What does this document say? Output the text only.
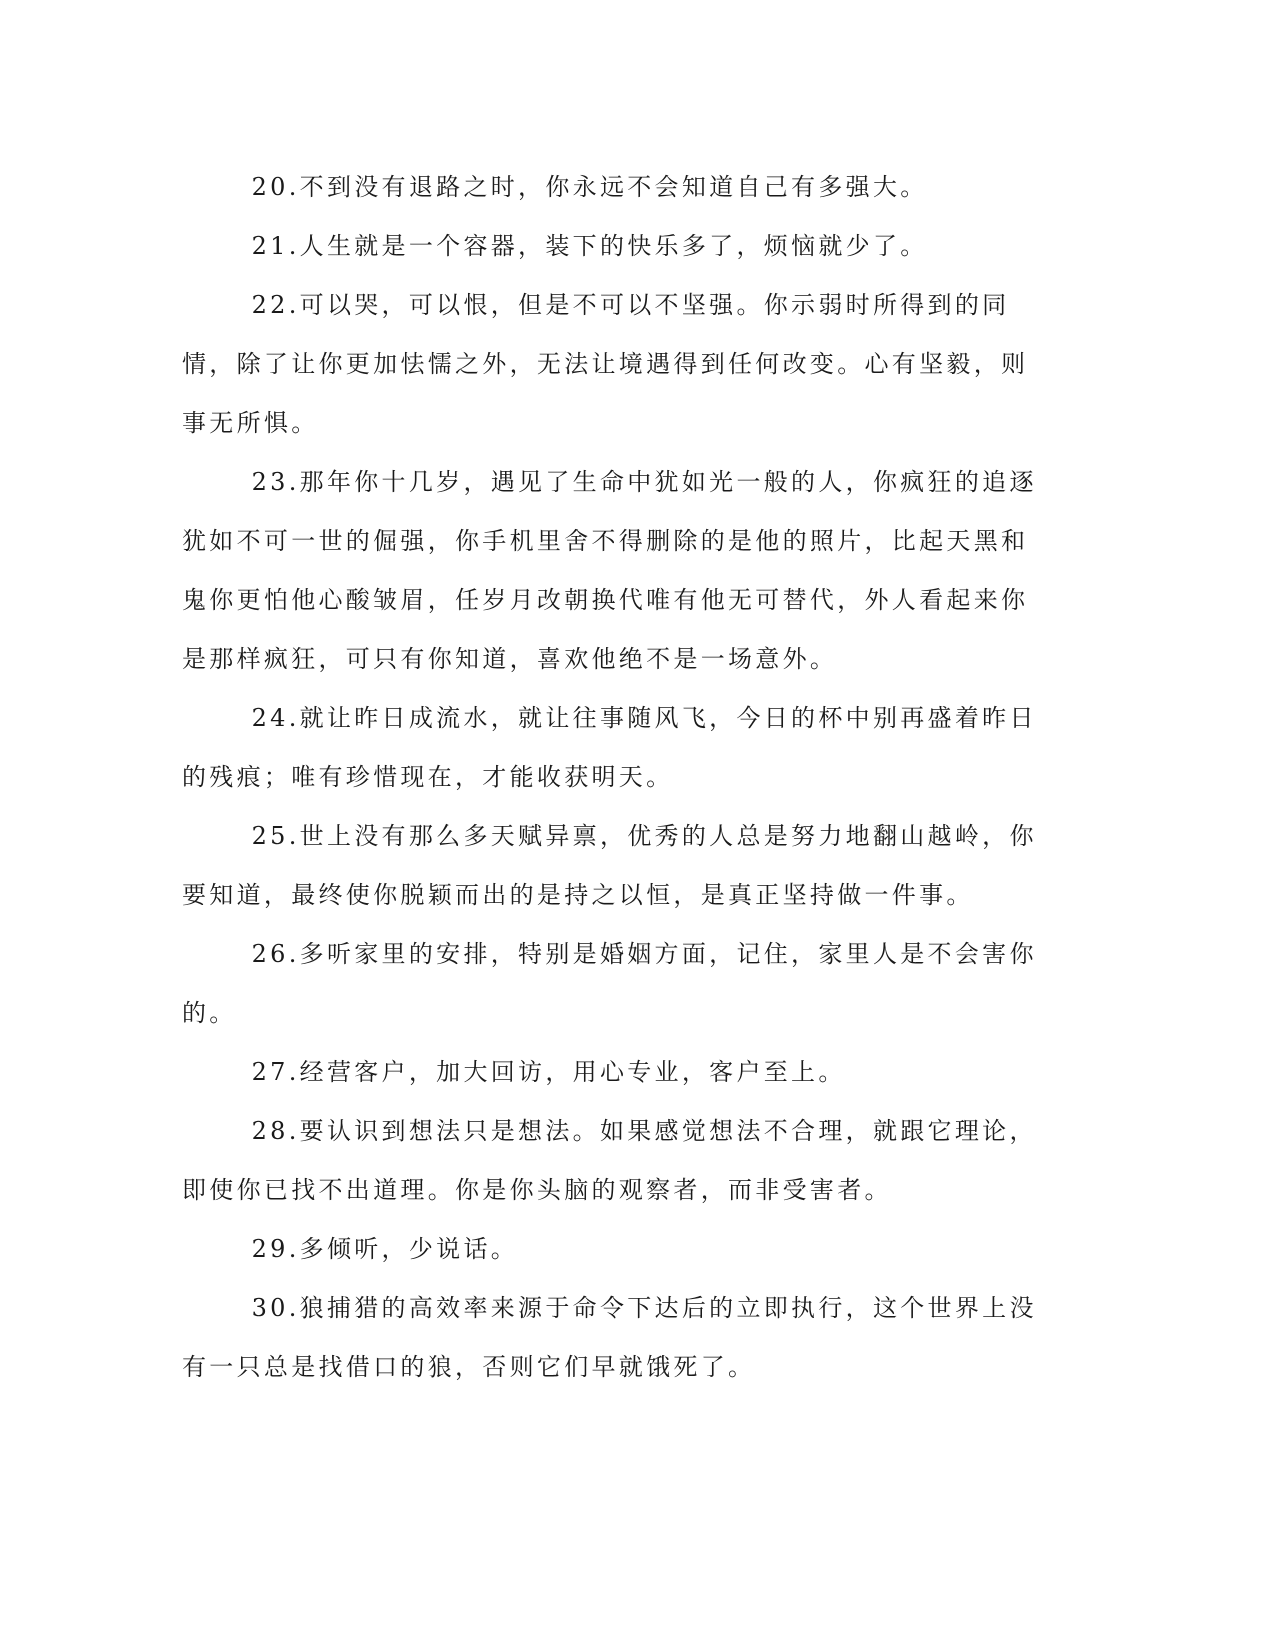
20.不到没有退路之时，你永远不会知道自己有多强大。

21.人生就是一个容器，装下的快乐多了，烦恼就少了。

22.可以哭，可以恨，但是不可以不坚强。你示弱时所得到的同情，除了让你更加怯懦之外，无法让境遇得到任何改变。心有坚毅，则事无所惧。

23.那年你十几岁，遇见了生命中犹如光一般的人，你疯狂的追逐犹如不可一世的倔强，你手机里舍不得删除的是他的照片，比起天黑和鬼你更怕他心酸皱眉，任岁月改朝换代唯有他无可替代，外人看起来你是那样疯狂，可只有你知道，喜欢他绝不是一场意外。

24.就让昨日成流水，就让往事随风飞，今日的杯中别再盛着昨日的残痕；唯有珍惜现在，才能收获明天。

25.世上没有那么多天赋异禀，优秀的人总是努力地翻山越岭，你要知道，最终使你脱颖而出的是持之以恒，是真正坚持做一件事。

26.多听家里的安排，特别是婚姻方面，记住，家里人是不会害你的。

27.经营客户，加大回访，用心专业，客户至上。

28.要认识到想法只是想法。如果感觉想法不合理，就跟它理论，即使你已找不出道理。你是你头脑的观察者，而非受害者。

29.多倾听，少说话。

30.狼捕猎的高效率来源于命令下达后的立即执行，这个世界上没有一只总是找借口的狼，否则它们早就饿死了。
